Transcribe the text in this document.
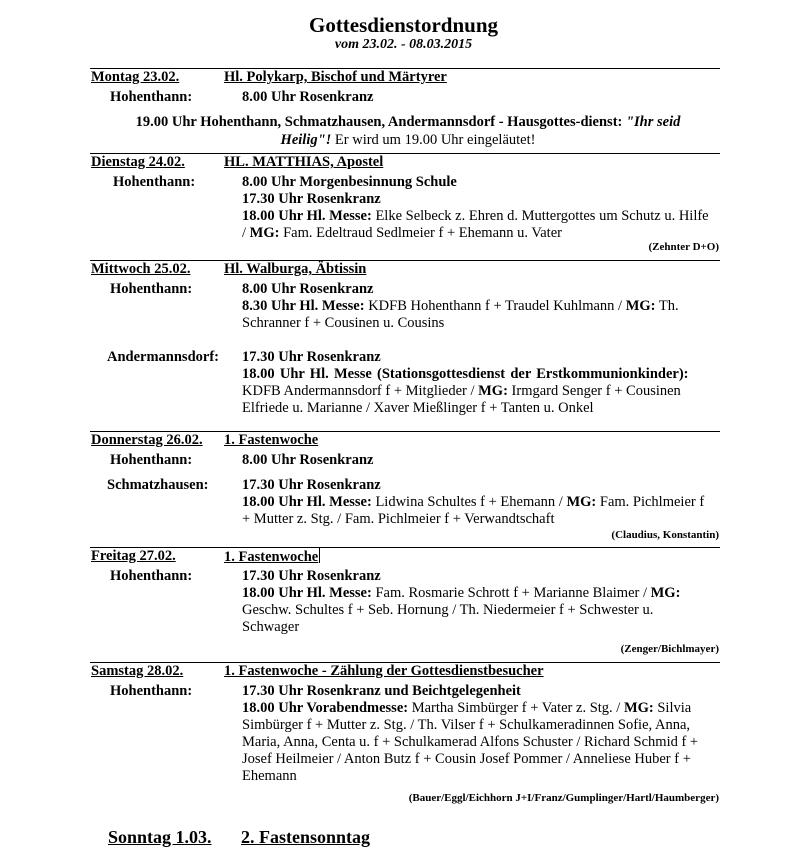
Gottesdienstordnung
vom 23.02. - 08.03.2015
Montag 23.02.	Hl. Polykarp, Bischof und Märtyrer
Hohenthann:	8.00 Uhr Rosenkranz
19.00 Uhr Hohenthann, Schmatzhausen, Andermannsdorf - Hausgottes-dienst: "Ihr seid
Heilig"! Er wird um 19.00 Uhr eingeläutet!
Dienstag 24.02.	HL. MATTHIAS, Apostel
Hohenthann:	8.00 Uhr Morgenbesinnung Schule
17.30 Uhr Rosenkranz
18.00 Uhr Hl. Messe: Elke Selbeck z. Ehren d. Muttergottes um Schutz u. Hilfe
/ MG: Fam. Edeltraud Sedlmeier f + Ehemann u. Vater
(Zehnter D+O)
Mittwoch 25.02. Hl. Walburga, Äbtissin
Hohenthann:	8.00 Uhr Rosenkranz
8.30 Uhr Hl. Messe: KDFB Hohenthann f + Traudel Kuhlmann / MG: Th.
Schranner f + Cousinen u. Cousins
Andermannsdorf: 17.30 Uhr Rosenkranz
18.00 Uhr Hl. Messe (Stationsgottesdienst der Erstkommunionkinder):
KDFB Andermannsdorf f + Mitglieder / MG: Irmgard Senger f + Cousinen
Elfriede u. Marianne / Xaver Mießlinger f + Tanten u. Onkel
Donnerstag 26.02. 1. Fastenwoche
Hohenthann:	8.00 Uhr Rosenkranz
Schmatzhausen: 17.30 Uhr Rosenkranz
18.00 Uhr Hl. Messe: Lidwina Schultes f + Ehemann / MG: Fam. Pichlmeier f
+ Mutter z. Stg. / Fam. Pichlmeier f + Verwandtschaft
(Claudius, Konstantin)
Freitag 27.02.	1. Fastenwoche
Hohenthann:	17.30 Uhr Rosenkranz
18.00 Uhr Hl. Messe: Fam. Rosmarie Schrott f + Marianne Blaimer / MG:
Geschw. Schultes f + Seb. Hornung / Th. Niedermeier f + Schwester u.
Schwager
(Zenger/Bichlmayer)
Samstag 28.02.	1. Fastenwoche - Zählung der Gottesdienstbesucher
Hohenthann:	17.30 Uhr Rosenkranz und Beichtgelegenheit
18.00 Uhr Vorabendmesse: Martha Simbürger f + Vater z. Stg. / MG: Silvia
Simbürger f + Mutter z. Stg. / Th. Vilser f + Schulkameradinnen Sofie, Anna,
Maria, Anna, Centa u. f + Schulkamerad Alfons Schuster / Richard Schmid f +
Josef Heilmeier / Anton Butz f + Cousin Josef Pommer / Anneliese Huber f +
Ehemann
(Bauer/Eggl/Eichhorn J+I/Franz/Gumplinger/Hartl/Haumberger)
Sonntag 1.03. 2. Fastensonntag
